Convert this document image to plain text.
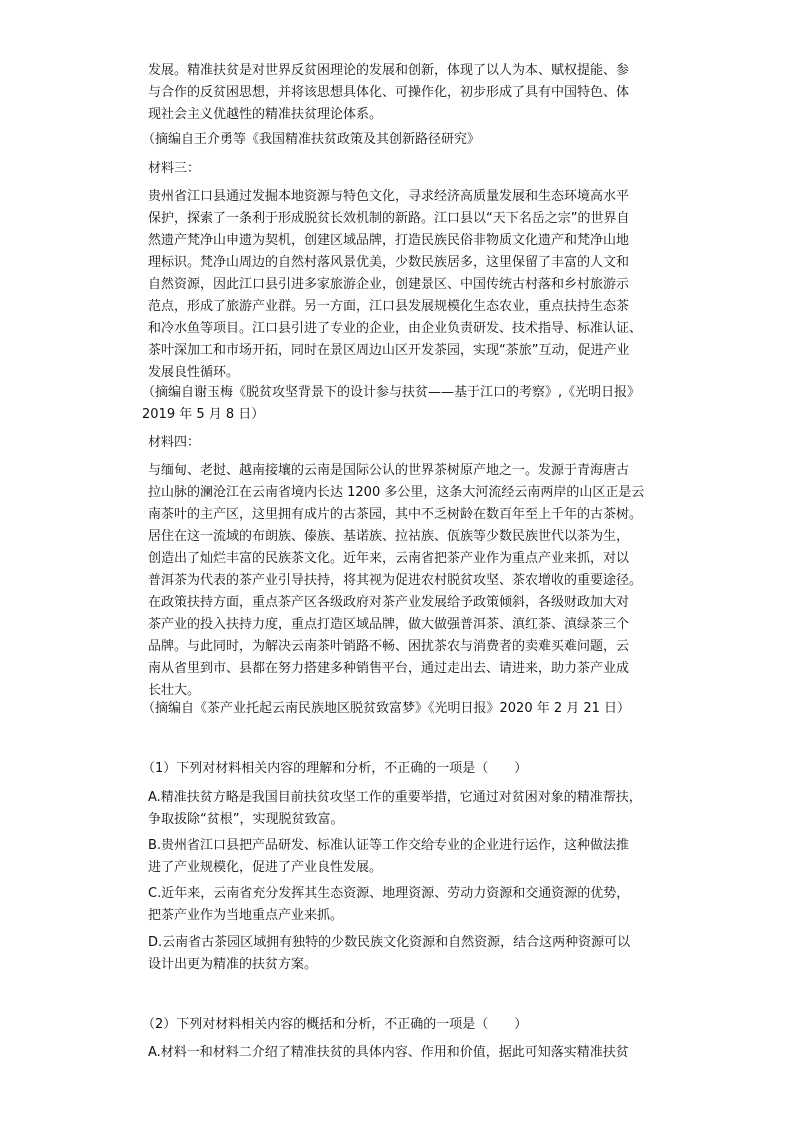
发展。精准扶贫是对世界反贫困理论的发展和创新，体现了以人为本、赋权提能、参
与合作的反贫困思想，并将该思想具体化、可操作化，初步形成了具有中国特色、体
现社会主义优越性的精准扶贫理论体系。
（摘编自王介勇等《我国精准扶贫政策及其创新路径研究》
材料三：
贵州省江口县通过发掘本地资源与特色文化，寻求经济高质量发展和生态环境高水平
保护，探索了一条利于形成脱贫长效机制的新路。江口县以“天下名岳之宗”的世界自
然遗产梵净山申遗为契机，创建区域品牌，打造民族民俗非物质文化遗产和梵净山地
理标识。梵净山周边的自然村落风景优美，少数民族居多，这里保留了丰富的人文和
自然资源，因此江口县引进多家旅游企业，创建景区、中国传统古村落和乡村旅游示
范点，形成了旅游产业群。另一方面，江口县发展规模化生态农业，重点扶持生态茶
和冷水鱼等项目。江口县引进了专业的企业，由企业负责研发、技术指导、标准认证、
茶叶深加工和市场开拓，同时在景区周边山区开发茶园，实现“茶旅”互动，促进产业
发展良性循环。
（摘编自谢玉梅《脱贫攻坚背景下的设计参与扶贫——基于江口的考察》,《光明日报》
2019 年 5 月 8 日）
材料四：
与缅甸、老挝、越南接壤的云南是国际公认的世界茶树原产地之一。发源于青海唐古
拉山脉的澜沧江在云南省境内长达 1200 多公里，这条大河流经云南两岸的山区正是云
南茶叶的主产区，这里拥有成片的古茶园，其中不乏树龄在数百年至上千年的古茶树。
居住在这一流域的布朗族、傣族、基诺族、拉祜族、佤族等少数民族世代以茶为生，
创造出了灿烂丰富的民族茶文化。近年来，云南省把茶产业作为重点产业来抓，对以
普洱茶为代表的茶产业引导扶持，将其视为促进农村脱贫攻坚、茶农增收的重要途径。
在政策扶持方面，重点茶产区各级政府对茶产业发展给予政策倾斜，各级财政加大对
茶产业的投入扶持力度，重点打造区域品牌，做大做强普洱茶、滇红茶、滇绿茶三个
品牌。与此同时，为解决云南茶叶销路不畅、困扰茶农与消费者的卖难买难问题，云
南从省里到市、县都在努力搭建多种销售平台，通过走出去、请进来，助力茶产业成
长壮大。
（摘编自《茶产业托起云南民族地区脱贫致富梦》《光明日报》2020 年 2 月 21 日）
（1）下列对材料相关内容的理解和分析，不正确的一项是（　　）
A.精准扶贫方略是我国目前扶贫攻坚工作的重要举措，它通过对贫困对象的精准帮扶，
争取拔除“贫根”，实现脱贫致富。
B.贵州省江口县把产品研发、标准认证等工作交给专业的企业进行运作，这种做法推
进了产业规模化，促进了产业良性发展。
C.近年来，云南省充分发挥其生态资源、地理资源、劳动力资源和交通资源的优势，
把茶产业作为当地重点产业来抓。
D.云南省古茶园区域拥有独特的少数民族文化资源和自然资源，结合这两种资源可以
设计出更为精准的扶贫方案。
（2）下列对材料相关内容的概括和分析，不正确的一项是（　　）
A.材料一和材料二介绍了精准扶贫的具体内容、作用和价值，据此可知落实精准扶贫
